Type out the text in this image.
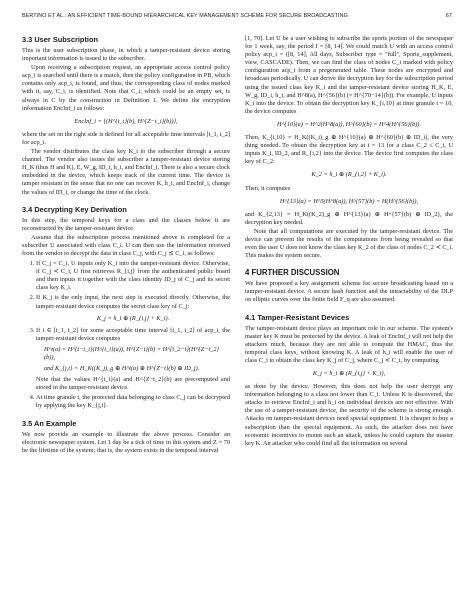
BERTINO ET AL.: AN EFFICIENT TIME-BOUND HIERARCHICAL KEY MANAGEMENT SCHEME FOR SECURE BROADCASTING	67
3.3 User Subscription

This is the user subscription phase, in which a tamper-resistant device storing important information is issued to the subscriber.

Upon receiving a subscription request, an appropriate access control policy acp_i is searched until there is a match, then the policy configuration in PB, which contains only acp_i, is found, and thus, the corresponding class of nodes marked with it, say, C_i, is identified. Note that C_i, which could be an empty set, is always in C by the construction in Definition 1. We define the encryption information EncInf_i as follows:

EncInf_i = {(H^{t_i}(b), H^{Z−t_i}(b))},

where the set on the right side is defined for all acceptable time intervals [t_1, t_2] for acp_i.

The vendor distributes the class key K_i to the subscriber through a secure channel. The vendor also issues the subscriber a tamper-resistant device storing H_K (thus H and K), E, W_g, ID_i, h_i, and EncInf_i. There is also a secure clock embedded in the device, which keeps track of the current time. The device is tamper resistant in the sense that no one can recover K, h_i, and EncInf_i, change the values of ID_i, or change the time of the clock.

3.4 Decrypting Key Derivation

In this step, the temporal keys for a class and the classes below it are reconstructed by the tamper-resistant device.

Assume that the subscription process mentioned above is completed for a subscriber U associated with class C_i. U can then use the information received from the vendor to decrypt the data in class C_j, with C_j ⪯ C_i, as follows:

1. If C_j = C_i, U inputs only K_i into the tamper-resistant device. Otherwise, if C_j ≺ C_i, U first retrieves R_{i,j} from the authenticated public board and then inputs it together with the class identity ID_j of C_j and its secret class key K_i.
2. If K_j is the only input, the next step is executed directly. Otherwise, the tamper-resistant device computes the secret class key of C_j:
K_j = h_i ⊕ (R_{i,j} + K_i).
3. If t ∈ [t_1, t_2] for some acceptable time interval [t_1, t_2] of acp_i, the tamper-resistant device computes
H^t(a) = H^{t−t_i}(H^{t_i}(a)), H^{Z−t}(b) = H^{t_2−t}(H^{Z−t_2}(b)),
and K_{j,t} = H_K((K_j)_g ⊕ H^t(a) ⊕ H^{Z−t}(b) ⊕ ID_j).
Note that the values H^{t_i}(a) and H^{Z−t_2}(b) are precomputed and stored in the tamper-resistant device.
4. At time granule t, the protected data belonging to class C_j can be decrypted by applying the key K_{j,t}.
3.5 An Example

We now provide an example to illustrate the above process. Consider an electronic newspaper system. Let 1 day be a tick of time in this system and Z = 70 be the lifetime of the system; that is, the system exists in the temporal interval

[1, 70]. Let U be a user wishing to subscribe the sports portion of the newspaper for 1 week, say, the period I = [8, 14]. We could match U with an access control policy acp_i = ([8, 14], All days, Subscriber type = "full", Sports_supplement, view, CASCADE). Then, we can find the class of nodes C_i marked with policy configuration acp_i from a pregenerated table. These nodes are encrypted and broadcast periodically. U can derive the decryption key for the subscription period using the issued class key K_i and the tamper-resistant device storing H_K, E, W_g, ID_i, h_i, and H^8(a), H^{56}(b) (= H^{70−14}(b)). For example, U inputs K_i into the device. To obtain the decryption key K_{i,10} at time granule t = 10, the device computes

H^{10}(a) = H^2(H^8(a)), H^{60}(b) = H^4(H^{56}(b)).

Then, K_{i,10} = H_K((K_i)_g ⊕ H^{10}(a) ⊕ H^{60}(b) ⊕ ID_i), the very thing needed. To obtain the decryption key at t = 13 for a class C_2 ≤ C_i, U inputs K_i, ID_2, and R_{i,2} into the device. The device first computes the class key of C_2:

K_2 = h_i ⊕ (R_{i,2} + K_i).

Then, it computes

H^{13}(a) = H^5(H^8(a)), H^{57}(b) = H(H^{56}(b)),

and K_{2,13} = H_K((K_2)_g ⊕ H^{13}(a) ⊕ H^{57}(b) ⊕ ID_2), the decryption key needed.

Note that all computations are executed by the tamper-resistant device. The device can prevent the results of the computations from being revealed so that even the user U does not know the class key K_2 of the class of nodes C_2 ≺ C_i. This makes the system secure.

4 FURTHER DISCUSSION

We have proposed a key assignment scheme for secure broadcasting based on a tamper-resistant device. A secure hash function and the intractability of the DLP on elliptic curves over the finite field F_q are also assumed.

4.1 Tamper-Resistant Devices

The tamper-resistant device plays an important role in our scheme. The system's master key K must be protected by the device. A leak of EncInf_i will not help the attackers much, because they are not able to compute the HMAC, thus the temporal class keys, without knowing K. A leak of h_i will enable the user of class C_i to obtain the class key K_j of C_j, where C_j ≺ C_i, by computing

K_j = h_i ⊕ (R_{i,j} + K_i),

as done by the device. However, this does not help the user decrypt any information belonging to a class not lower than C_i. Unless K is discovered, the attacks to retrieve EncInf_i and h_i on individual devices are not effective. With the use of a tamper-resistant device, the security of the scheme is strong enough. Attacks on tamper-resistant devices need special equipment. It is cheaper to buy a subscription than the special equipment. As such, the attacker does not have economic incentives to mount such an attack, unless he could capture the master key K. An attacker who could find all the information on several
